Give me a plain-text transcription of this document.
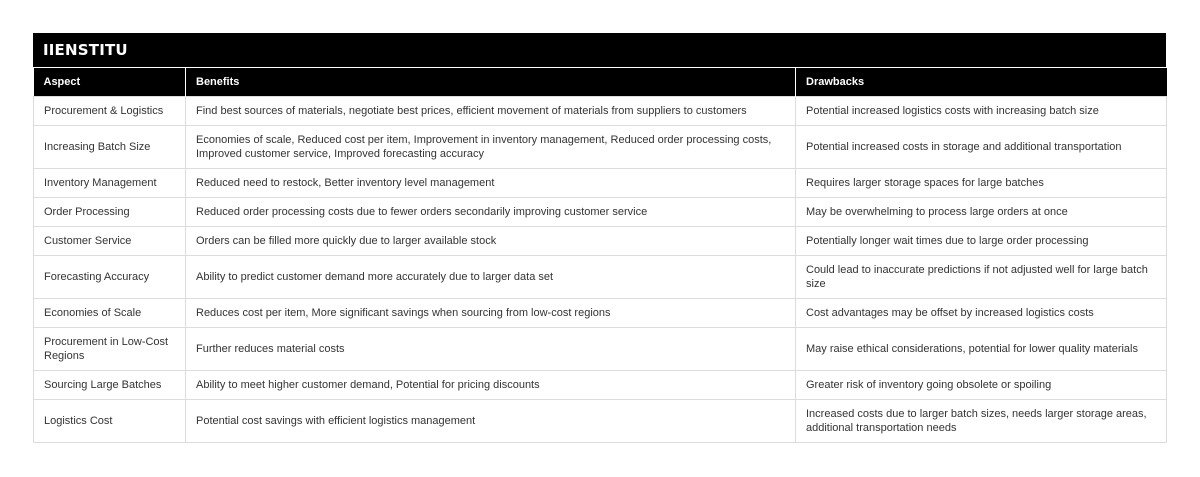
IIENSTITU
Aspect	Benefits	Drawbacks
Procurement & Logistics	Find best sources of materials, negotiate best prices, efficient movement of materials from suppliers to customers	Potential increased logistics costs with increasing batch size
Increasing Batch Size	Economies of scale, Reduced cost per item, Improvement in inventory management, Reduced order processing costs, Improved customer service, Improved forecasting accuracy	Potential increased costs in storage and additional transportation
Inventory Management	Reduced need to restock, Better inventory level management	Requires larger storage spaces for large batches
Order Processing	Reduced order processing costs due to fewer orders secondarily improving customer service	May be overwhelming to process large orders at once
Customer Service	Orders can be filled more quickly due to larger available stock	Potentially longer wait times due to large order processing
Forecasting Accuracy	Ability to predict customer demand more accurately due to larger data set	Could lead to inaccurate predictions if not adjusted well for large batch size
Economies of Scale	Reduces cost per item, More significant savings when sourcing from low-cost regions	Cost advantages may be offset by increased logistics costs
Procurement in Low-Cost Regions	Further reduces material costs	May raise ethical considerations, potential for lower quality materials
Sourcing Large Batches	Ability to meet higher customer demand, Potential for pricing discounts	Greater risk of inventory going obsolete or spoiling
Logistics Cost	Potential cost savings with efficient logistics management	Increased costs due to larger batch sizes, needs larger storage areas, additional transportation needs
